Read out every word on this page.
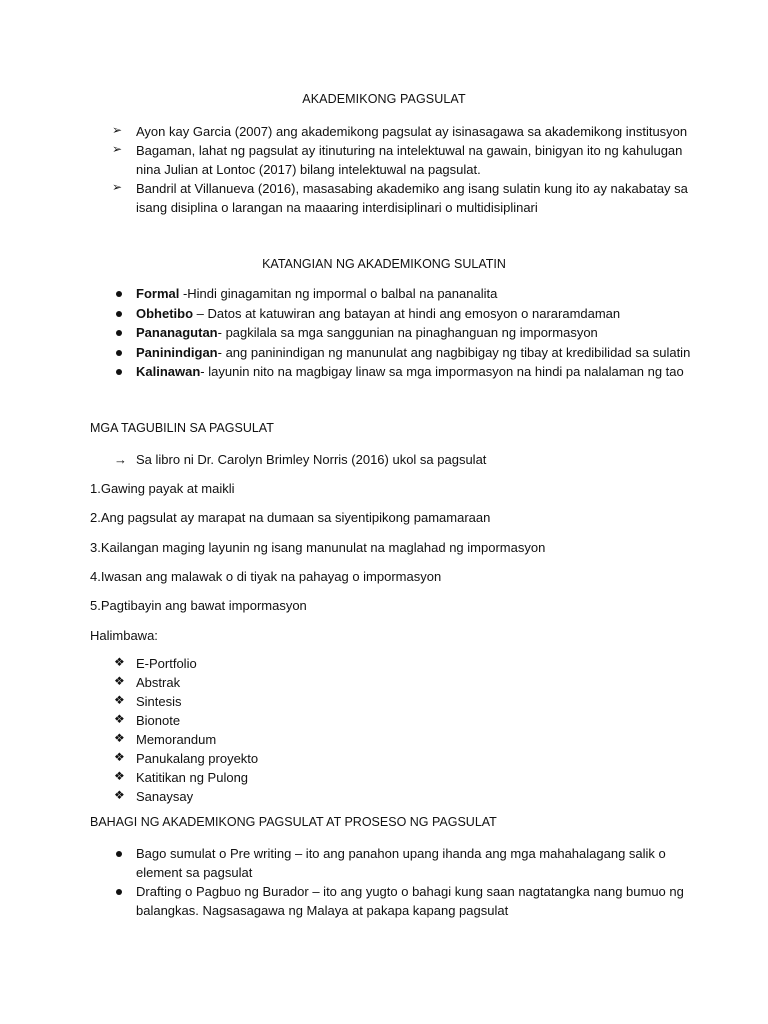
AKADEMIKONG PAGSULAT
➢ Ayon kay Garcia (2007) ang akademikong pagsulat ay isinasagawa sa akademikong institusyon
➢ Bagaman, lahat ng pagsulat ay itinuturing na intelektuwal na gawain, binigyan ito ng kahulugan
nina Julian at Lontoc (2017) bilang intelektuwal na pagsulat.
➢ Bandril at Villanueva (2016), masasabing akademiko ang isang sulatin kung ito ay nakabatay sa
isang disiplina o larangan na maaaring interdisiplinari o multidisiplinari
KATANGIAN NG AKADEMIKONG SULATIN
Formal -Hindi ginagamitan ng impormal o balbal na pananalita
Obhetibo – Datos at katuwiran ang batayan at hindi ang emosyon o nararamdaman
Pananagutan- pagkilala sa mga sanggunian na pinaghanguan ng impormasyon
Paninindigan- ang paninindigan ng manunulat ang nagbibigay ng tibay at kredibilidad sa sulatin
Kalinawan- layunin nito na magbigay linaw sa mga impormasyon na hindi pa nalalaman ng tao
MGA TAGUBILIN SA PAGSULAT
→ Sa libro ni Dr. Carolyn Brimley Norris (2016) ukol sa pagsulat
1.Gawing payak at maikli
2.Ang pagsulat ay marapat na dumaan sa siyentipikong pamamaraan
3.Kailangan maging layunin ng isang manunulat na maglahad ng impormasyon
4.Iwasan ang malawak o di tiyak na pahayag o impormasyon
5.Pagtibayin ang bawat impormasyon
Halimbawa:
❖ E-Portfolio
❖ Abstrak
❖ Sintesis
❖ Bionote
❖ Memorandum
❖ Panukalang proyekto
❖ Katitikan ng Pulong
❖ Sanaysay
BAHAGI NG AKADEMIKONG PAGSULAT AT PROSESO NG PAGSULAT
Bago sumulat o Pre writing – ito ang panahon upang ihanda ang mga mahahalagang salik o
element sa pagsulat
Drafting o Pagbuo ng Burador – ito ang yugto o bahagi kung saan nagtatangka nang bumuo ng
balangkas. Nagsasagawa ng Malaya at pakapa kapang pagsulat
